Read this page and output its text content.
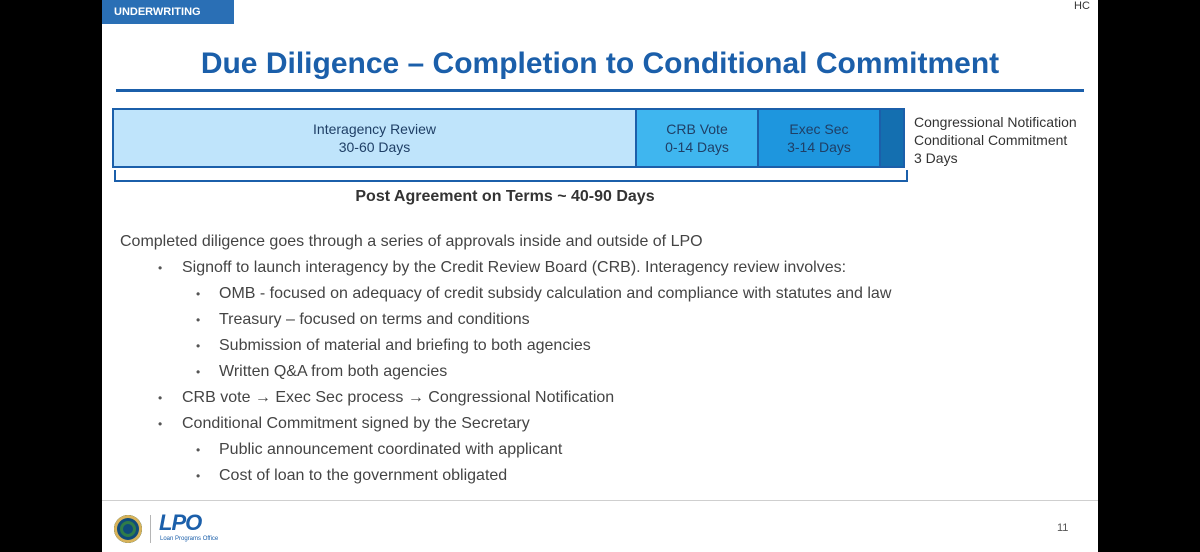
UNDERWRITING
Due Diligence – Completion to Conditional Commitment
Interagency Review
30-60 Days
CRB Vote
0-14 Days
Exec Sec
3-14 Days
Congressional Notification
Conditional Commitment
3 Days
Post Agreement on Terms ~ 40-90 Days
Completed diligence goes through a series of approvals inside and outside of LPO
• Signoff to launch interagency by the Credit Review Board (CRB). Interagency review involves:
• OMB - focused on adequacy of credit subsidy calculation and compliance with statutes and law
• Treasury – focused on terms and conditions
• Submission of material and briefing to both agencies
• Written Q&A from both agencies
• CRB vote → Exec Sec process → Congressional Notification
• Conditional Commitment signed by the Secretary
• Public announcement coordinated with applicant
• Cost of loan to the government obligated
LPO
Loan Programs Office
11
HC
